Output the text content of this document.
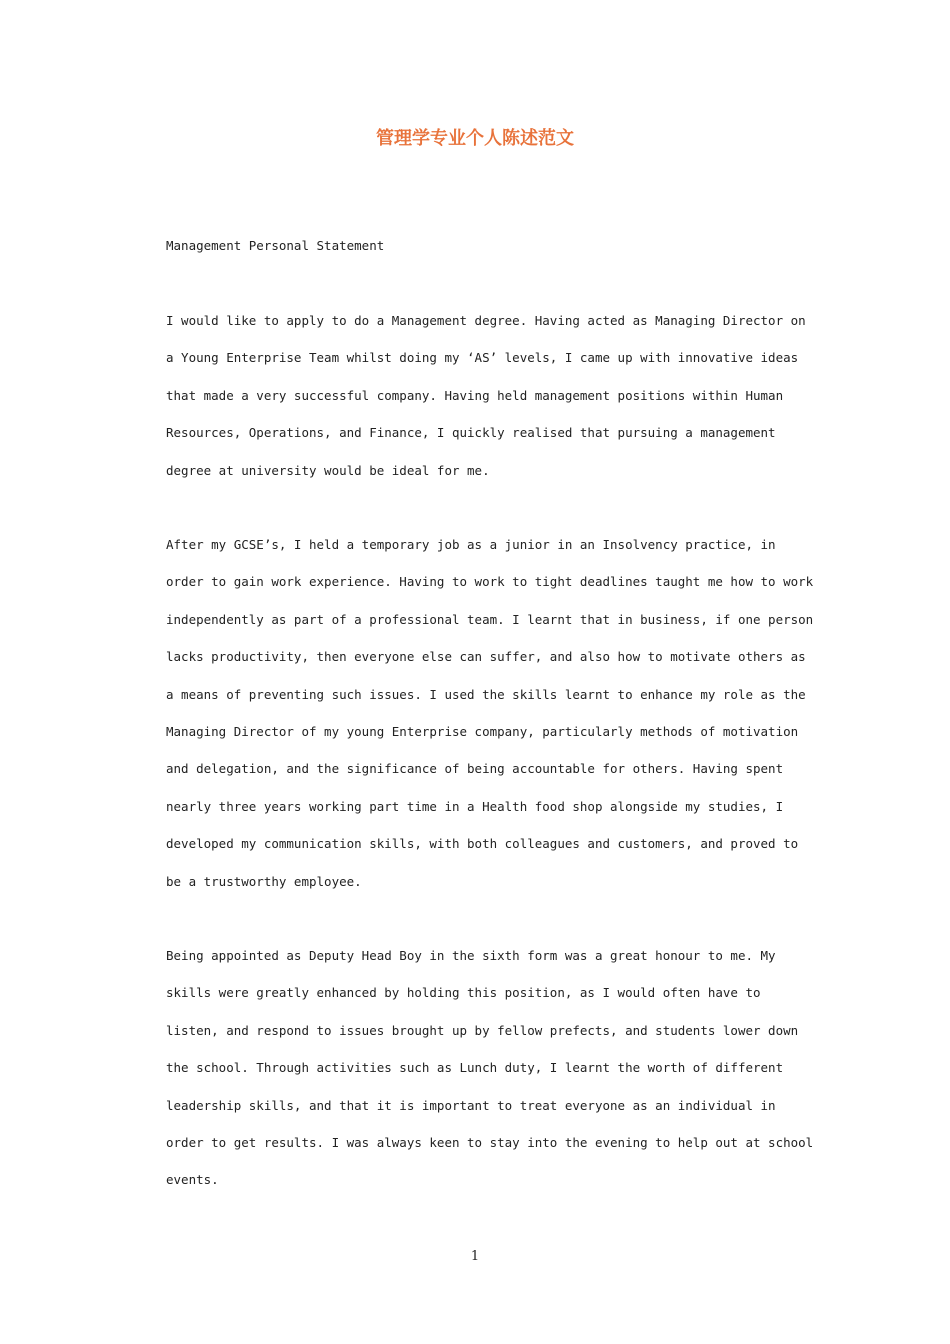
管理学专业个人陈述范文
Management Personal Statement
I would like to apply to do a Management degree. Having acted as Managing Director on
a Young Enterprise Team whilst doing my ‘AS’ levels, I came up with innovative ideas
that made a very successful company. Having held management positions within Human
Resources, Operations, and Finance, I quickly realised that pursuing a management
degree at university would be ideal for me.
After my GCSE’s, I held a temporary job as a junior in an Insolvency practice, in
order to gain work experience. Having to work to tight deadlines taught me how to work
independently as part of a professional team. I learnt that in business, if one person
lacks productivity, then everyone else can suffer, and also how to motivate others as
a means of preventing such issues. I used the skills learnt to enhance my role as the
Managing Director of my young Enterprise company, particularly methods of motivation
and delegation, and the significance of being accountable for others. Having spent
nearly three years working part time in a Health food shop alongside my studies, I
developed my communication skills, with both colleagues and customers, and proved to
be a trustworthy employee.
Being appointed as Deputy Head Boy in the sixth form was a great honour to me. My
skills were greatly enhanced by holding this position, as I would often have to
listen, and respond to issues brought up by fellow prefects, and students lower down
the school. Through activities such as Lunch duty, I learnt the worth of different
leadership skills, and that it is important to treat everyone as an individual in
order to get results. I was always keen to stay into the evening to help out at school
events.
1
